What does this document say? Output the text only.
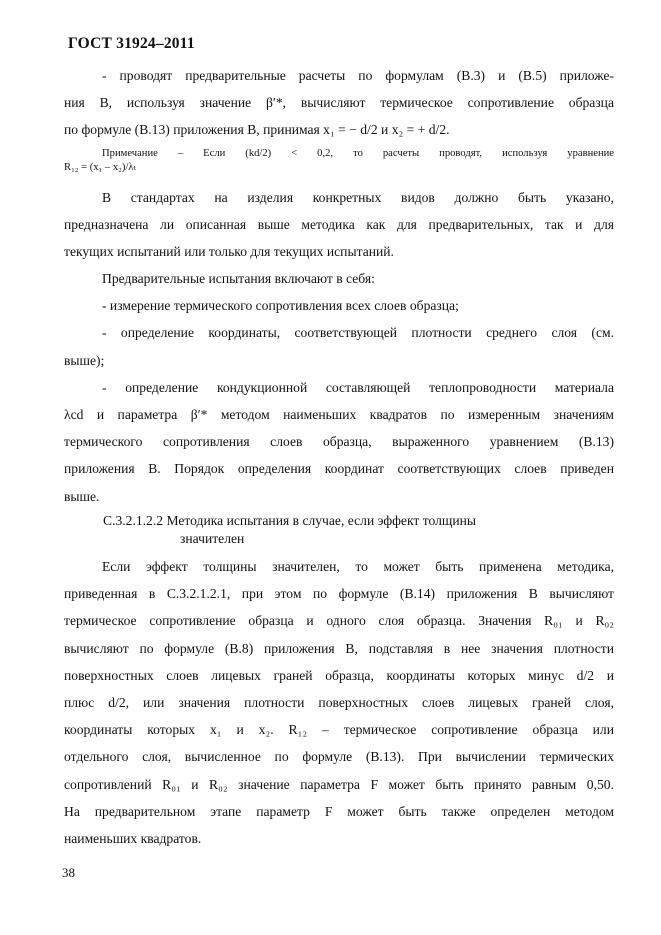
ГОСТ 31924–2011
- проводят предварительные расчеты по формулам (В.3) и (В.5) приложе-
ния В, используя значение β′*, вычисляют термическое сопротивление образца
по формуле (В.13) приложения В, принимая x₁ = − d/2 и x₂ = + d/2.
Примечание – Если (kd/2) < 0,2, то расчеты проводят, используя уравнение
R₁₂ = (x₁ – x₂)/λₜ
В стандартах на изделия конкретных видов должно быть указано,
предназначена ли описанная выше методика как для предварительных, так и для
текущих испытаний или только для текущих испытаний.
Предварительные испытания включают в себя:
- измерение термического сопротивления всех слоев образца;
- определение координаты, соответствующей плотности среднего слоя (см.
выше);
- определение кондукционной составляющей теплопроводности материала
λcd и параметра β′* методом наименьших квадратов по измеренным значениям
термического сопротивления слоев образца, выраженного уравнением (В.13)
приложения В. Порядок определения координат соответствующих слоев приведен
выше.
С.3.2.1.2.2 Методика испытания в случае, если эффект толщины
значителен
Если эффект толщины значителен, то может быть применена методика,
приведенная в С.3.2.1.2.1, при этом по формуле (В.14) приложения В вычисляют
термическое сопротивление образца и одного слоя образца. Значения R₀₁ и R₀₂
вычисляют по формуле (В.8) приложения В, подставляя в нее значения плотности
поверхностных слоев лицевых граней образца, координаты которых минус d/2 и
плюс d/2, или значения плотности поверхностных слоев лицевых граней слоя,
координаты которых x₁ и x₂. R₁₂ – термическое сопротивление образца или
отдельного слоя, вычисленное по формуле (В.13). При вычислении термических
сопротивлений R₀₁ и R₀₂ значение параметра F может быть принято равным 0,50.
На предварительном этапе параметр F может быть также определен методом
наименьших квадратов.
38
